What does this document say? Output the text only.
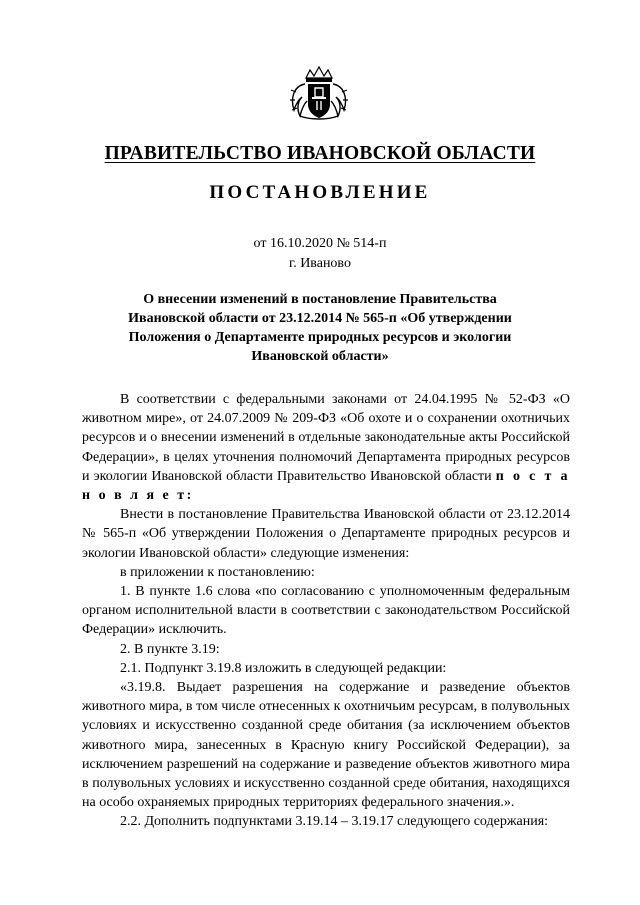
ПРАВИТЕЛЬСТВО ИВАНОВСКОЙ ОБЛАСТИ
ПОСТАНОВЛЕНИЕ
от 16.10.2020 № 514-п
г. Иваново
О внесении изменений в постановление Правительства
Ивановской области от 23.12.2014 № 565-п «Об утверждении
Положения о Департаменте природных ресурсов и экологии
Ивановской области»

В соответствии с федеральными законами от 24.04.1995 № 52-ФЗ «О животном мире», от 24.07.2009 № 209-ФЗ «Об охоте и о сохранении охотничьих ресурсов и о внесении изменений в отдельные законодательные акты Российской Федерации», в целях уточнения полномочий Департамента природных ресурсов и экологии Ивановской области Правительство Ивановской области п о с т а н о в л я е т:

Внести в постановление Правительства Ивановской области от 23.12.2014 № 565-п «Об утверждении Положения о Департаменте природных ресурсов и экологии Ивановской области» следующие изменения:

в приложении к постановлению:

1. В пункте 1.6 слова «по согласованию с уполномоченным федеральным органом исполнительной власти в соответствии с законодательством Российской Федерации» исключить.

2. В пункте 3.19:

2.1. Подпункт 3.19.8 изложить в следующей редакции:

«3.19.8. Выдает разрешения на содержание и разведение объектов животного мира, в том числе отнесенных к охотничьим ресурсам, в полувольных условиях и искусственно созданной среде обитания (за исключением объектов животного мира, занесенных в Красную книгу Российской Федерации), за исключением разрешений на содержание и разведение объектов животного мира в полувольных условиях и искусственно созданной среде обитания, находящихся на особо охраняемых природных территориях федерального значения.».

2.2. Дополнить подпунктами 3.19.14 – 3.19.17 следующего содержания:
